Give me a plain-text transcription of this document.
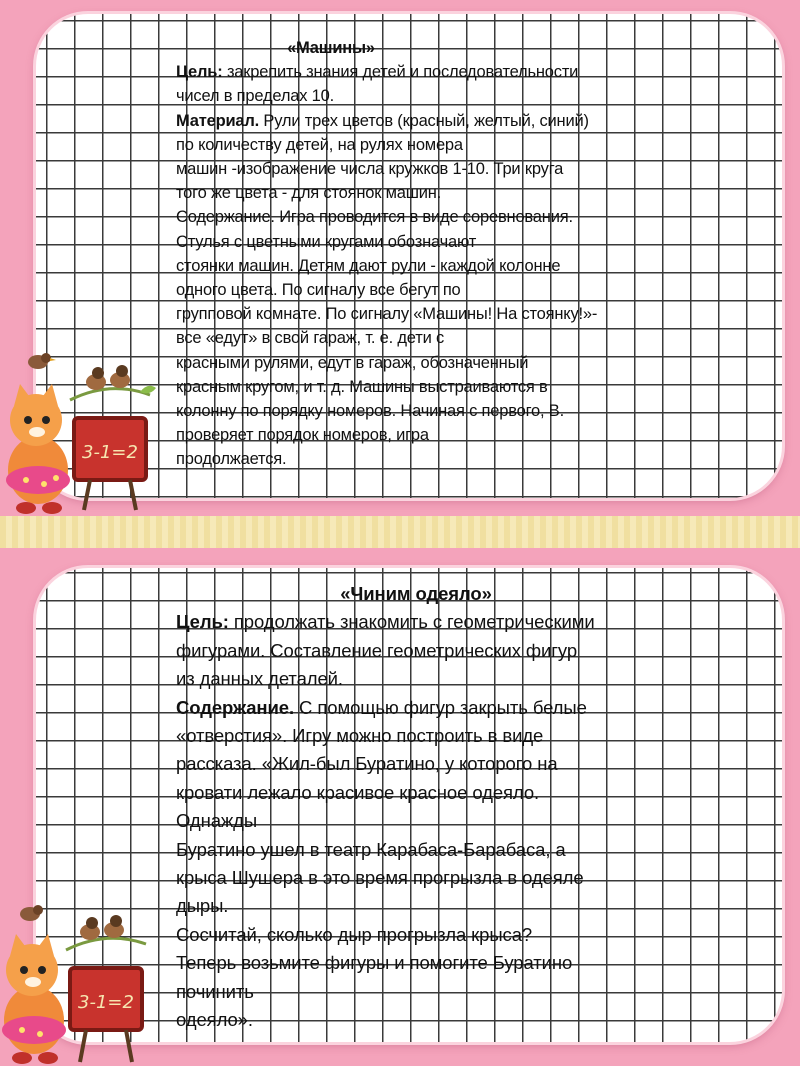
«Машины»
Цель: закрепить знания детей и последовательности
чисел в пределах 10.
Материал. Рули трех цветов (красный, желтый, синий)
по количеству детей, на рулях номера
машин -изображение числа кружков 1-10. Три круга
того же цвета - для стоянок машин.
Содержание. Игра проводится в виде соревнования.
Стулья с цветными кругами обозначают
стоянки машин. Детям дают рули - каждой колонне
одного цвета. По сигналу все бегут по
групповой комнате. По сигналу «Машины! На стоянку!»-
все «едут» в свой гараж, т. е. дети с
красными рулями, едут в гараж, обозначенный
красным кругом, и т. д. Машины выстраиваются в
колонну по порядку номеров. Начиная с первого, В.
проверяет порядок номеров, игра
продолжается.
3-1=2
«Чиним одеяло»
Цель: продолжать знакомить с геометрическими
фигурами. Составление геометрических фигур
из данных деталей.
Содержание. С помощью фигур закрыть белые
«отверстия». Игру можно построить в виде
рассказа. «Жил-был Буратино, у которого на
кровати лежало красивое красное одеяло.
Однажды
Буратино ушел в театр Карабаса-Барабаса, а
крыса Шушера в это время прогрызла в одеяле
дыры.
Сосчитай, сколько дыр прогрызла крыса?
Теперь возьмите фигуры и помогите Буратино
починить
одеяло».
3-1=2
